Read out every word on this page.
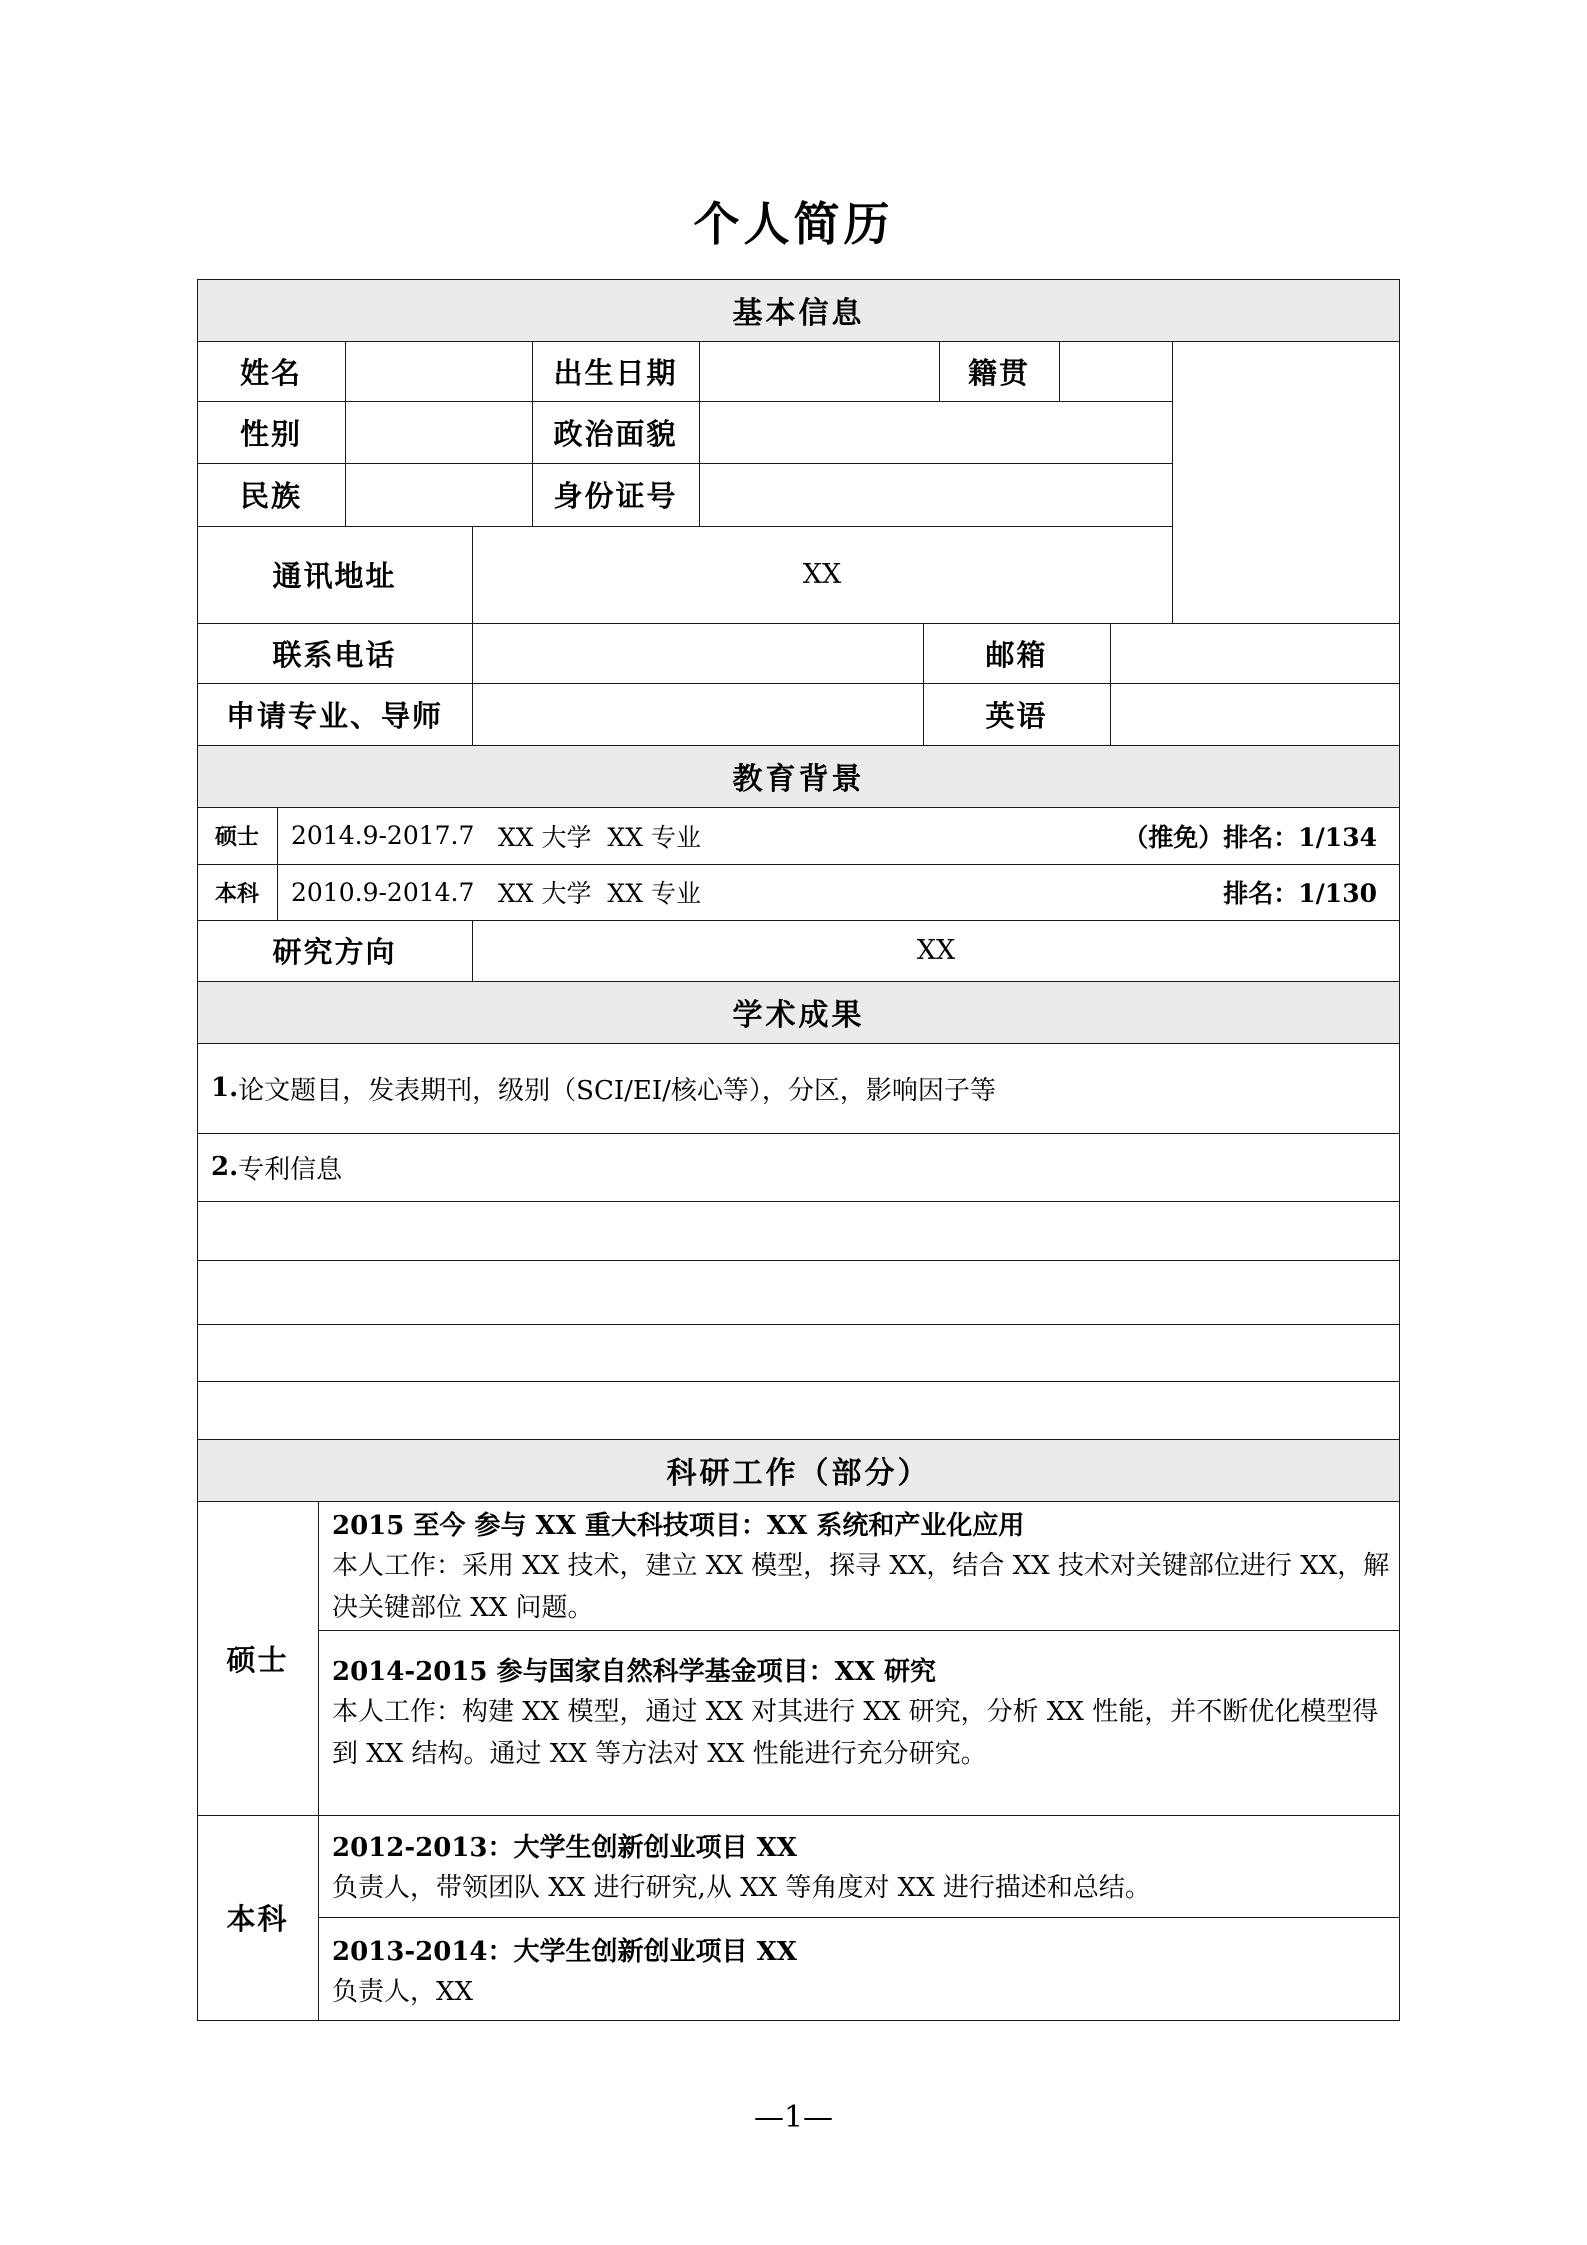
个人简历
基本信息
姓名	出生日期	籍贯
性别	政治面貌
民族	身份证号
通讯地址	XX
联系电话	邮箱
申请专业、导师	英语
教育背景
硕士	2014.9-2017.7 XX 大学  XX 专业	（推免）排名：1/134
本科	2010.9-2014.7 XX 大学  XX 专业	排名：1/130
研究方向	XX
学术成果
1. 论文题目，发表期刊，级别（SCI/EI/核心等），分区，影响因子等
2. 专利信息
科研工作（部分）
硕士
2015 至今 参与 XX 重大科技项目：XX 系统和产业化应用
本人工作：采用 XX 技术，建立 XX 模型，探寻 XX，结合 XX 技术对关键部位进行 XX，解决关键部位 XX 问题。
2014-2015 参与国家自然科学基金项目：XX 研究
本人工作：构建 XX 模型，通过 XX 对其进行 XX 研究，分析 XX 性能，并不断优化模型得到 XX 结构。通过 XX 等方法对 XX 性能进行充分研究。
本科
2012-2013：大学生创新创业项目 XX
负责人，带领团队 XX 进行研究,从 XX 等角度对 XX 进行描述和总结。
2013-2014：大学生创新创业项目 XX
负责人，XX
—1—
